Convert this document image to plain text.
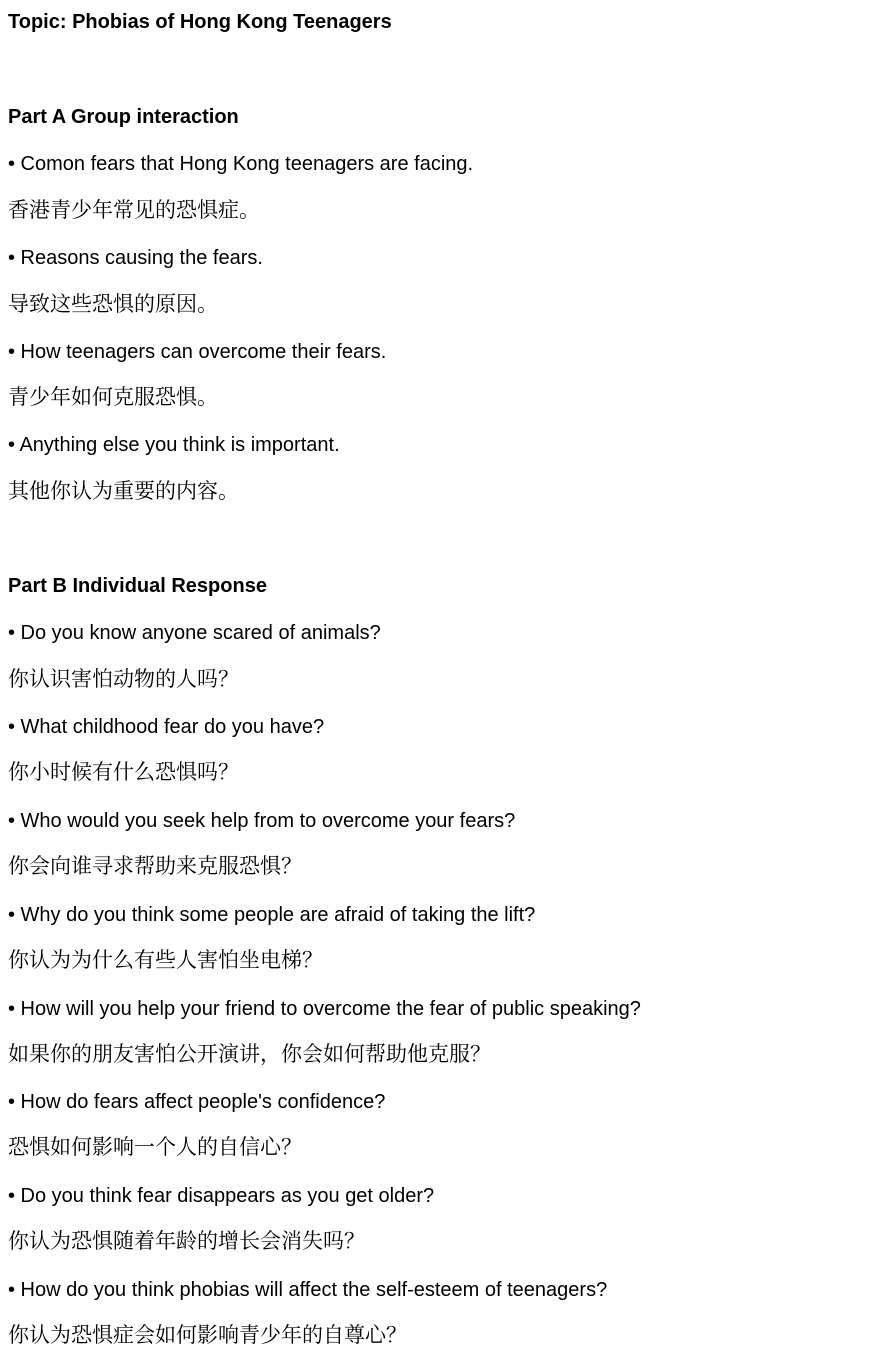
Topic: Phobias of Hong Kong Teenagers
Part A Group interaction
• Comon fears that Hong Kong teenagers are facing.
香港青少年常见的恐惧症。
• Reasons causing the fears.
导致这些恐惧的原因。
• How teenagers can overcome their fears.
青少年如何克服恐惧。
• Anything else you think is important.
其他你认为重要的内容。
Part B Individual Response
• Do you know anyone scared of animals?
你认识害怕动物的人吗？
• What childhood fear do you have?
你小时候有什么恐惧吗？
• Who would you seek help from to overcome your fears?
你会向谁寻求帮助来克服恐惧？
• Why do you think some people are afraid of taking the lift?
你认为为什么有些人害怕坐电梯？
• How will you help your friend to overcome the fear of public speaking?
如果你的朋友害怕公开演讲，你会如何帮助他克服？
• How do fears affect people's confidence?
恐惧如何影响一个人的自信心？
• Do you think fear disappears as you get older?
你认为恐惧随着年龄的增长会消失吗？
• How do you think phobias will affect the self-esteem of teenagers?
你认为恐惧症会如何影响青少年的自尊心？
